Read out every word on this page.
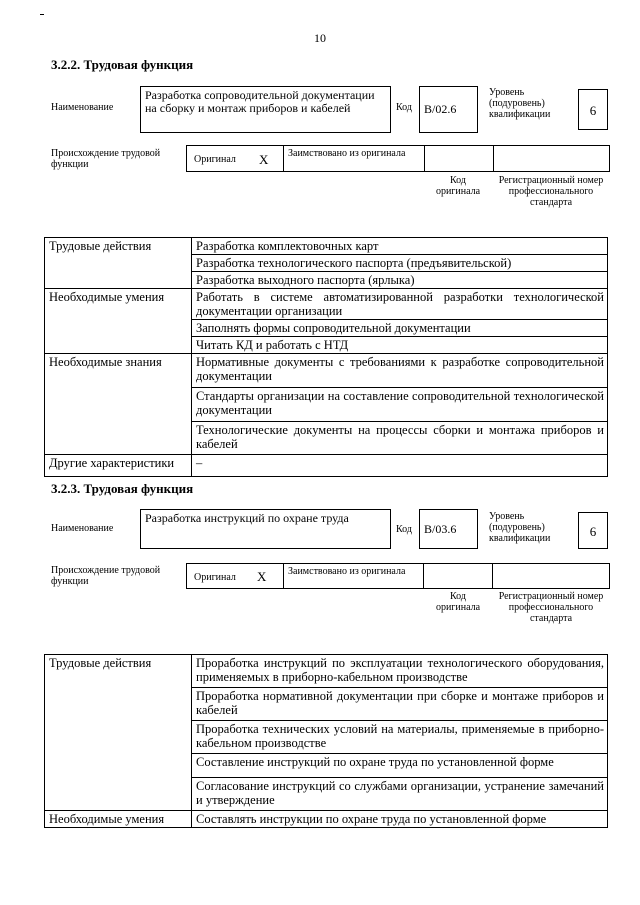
10
3.2.2. Трудовая функция
Наименование
Разработка сопроводительной документации на сборку и монтаж приборов и кабелей	Код	B/02.6
Уровень (подуровень) квалификации	6
Происхождение трудовой функции	Оригинал X	Заимствовано из оригинала
Код оригинала
Регистрационный номер профессионального стандарта
Трудовые действия	Разработка комплектовочных карт
	Разработка технологического паспорта (предъявительской)
	Разработка выходного паспорта (ярлыка)
Необходимые умения	Работать в системе автоматизированной разработки технологической документации организации
	Заполнять формы сопроводительной документации
	Читать КД и работать с НТД
Необходимые знания	Нормативные документы с требованиями к разработке сопроводительной документации
	Стандарты организации на составление сопроводительной технологической документации
	Технологические документы на процессы сборки и монтажа приборов и кабелей
Другие характеристики	–
3.2.3. Трудовая функция
Наименование
Разработка инструкций по охране труда
Код	B/03.6
Уровень (подуровень) квалификации	6
Происхождение трудовой функции	Оригинал X	Заимствовано из оригинала
Код оригинала
Регистрационный номер профессионального стандарта
Трудовые действия	Проработка инструкций по эксплуатации технологического оборудования, применяемых в приборно-кабельном производстве
	Проработка нормативной документации при сборке и монтаже приборов и кабелей
	Проработка технических условий на материалы, применяемые в приборно-кабельном производстве
	Составление инструкций по охране труда по установленной форме
	Согласование инструкций со службами организации, устранение замечаний и утверждение
Необходимые умения	Составлять инструкции по охране труда по установленной форме
